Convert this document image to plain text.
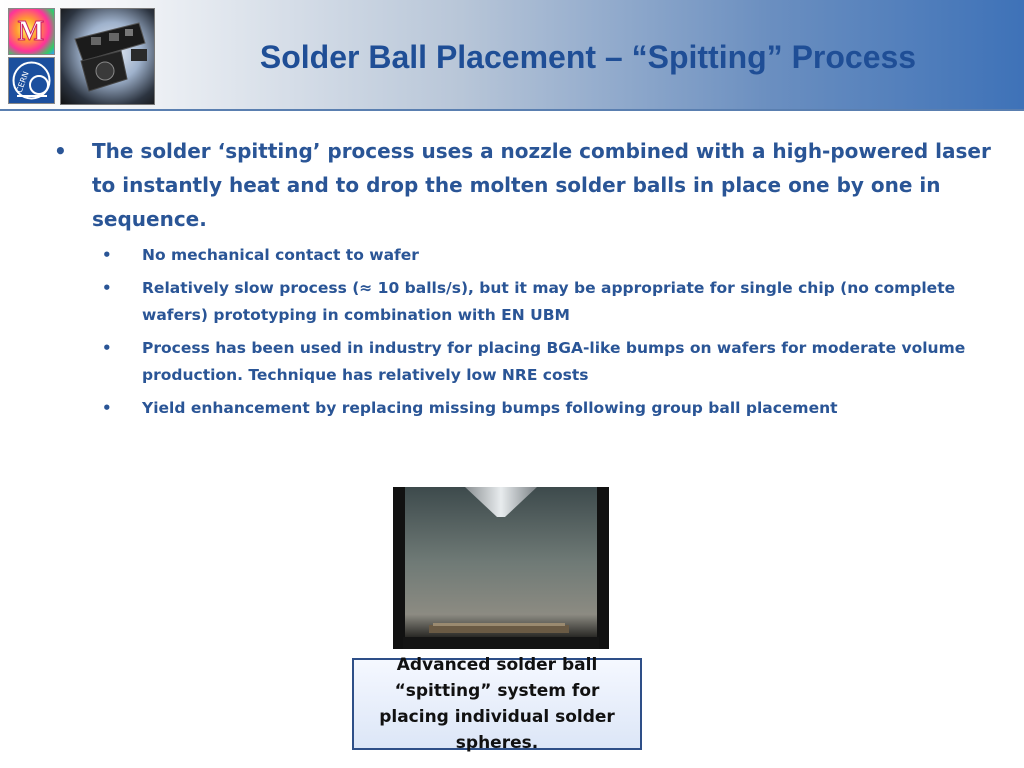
M
CERN
Solder Ball Placement – “Spitting” Process
• The solder ‘spitting’ process uses a nozzle combined with a high-powered laser to instantly heat and to drop the molten solder balls in place one by one in sequence.
• No mechanical contact to wafer
• Relatively slow process (≈ 10 balls/s), but it may be appropriate for single chip (no complete wafers) prototyping in combination with EN UBM
• Process has been used in industry for placing BGA-like bumps on wafers for moderate volume production. Technique has relatively low NRE costs
• Yield enhancement by replacing missing bumps following group ball placement
Advanced solder ball “spitting” system for placing individual solder spheres.
